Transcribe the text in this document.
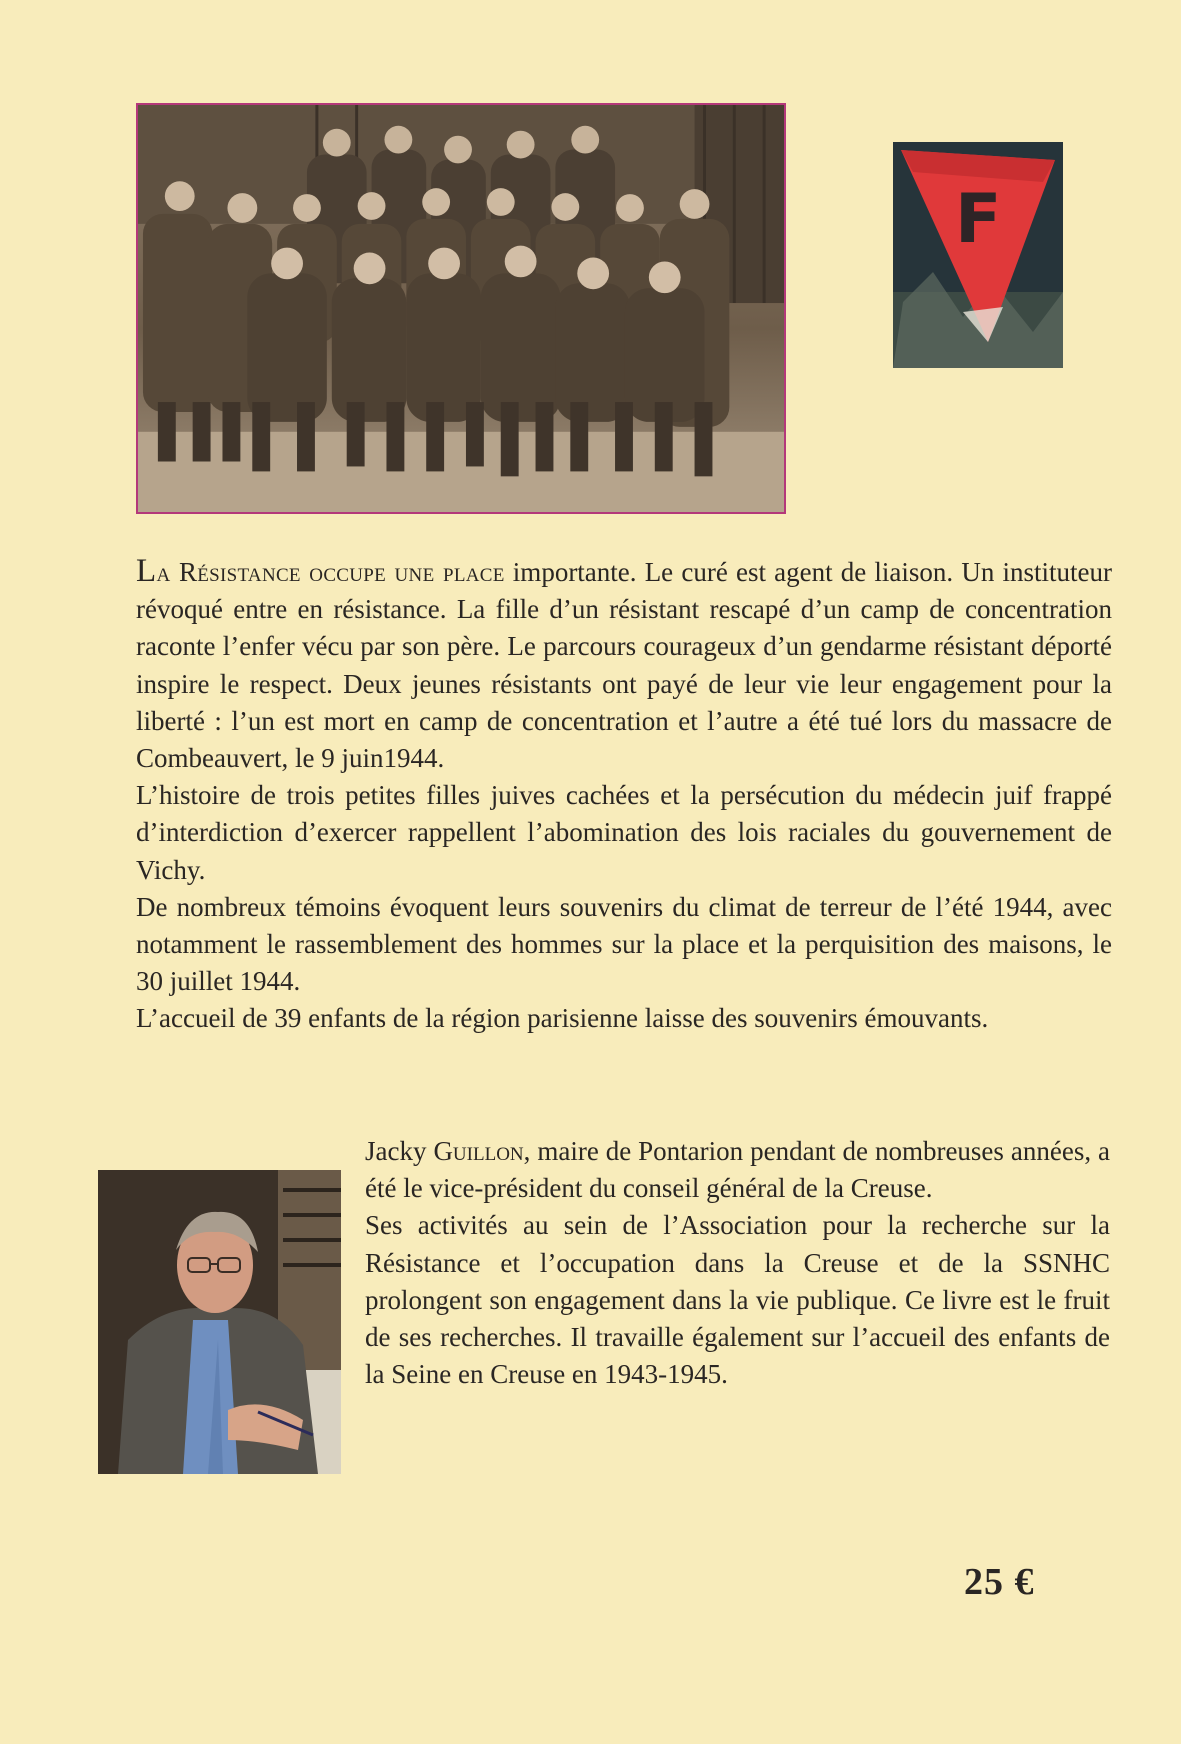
F

La Résistance occupe une place importante. Le curé est agent de liaison. Un instituteur révoqué entre en résistance. La fille d’un résistant rescapé d’un camp de concentration raconte l’enfer vécu par son père. Le parcours courageux d’un gendarme résistant déporté inspire le respect. Deux jeunes résistants ont payé de leur vie leur engagement pour la liberté : l’un est mort en camp de concentration et l’autre a été tué lors du massacre de Combeauvert, le 9 juin1944.

L’histoire de trois petites filles juives cachées et la persécution du médecin juif frappé d’interdiction d’exercer rappellent l’abomination des lois raciales du gouvernement de Vichy.

De nombreux témoins évoquent leurs souvenirs du climat de terreur de l’été 1944, avec notamment le rassemblement des hommes sur la place et la perquisition des maisons, le 30 juillet 1944.

L’accueil de 39 enfants de la région parisienne laisse des souvenirs émouvants.

Jacky Guillon, maire de Pontarion pendant de nombreuses années, a été le vice-président du conseil général de la Creuse.

Ses activités au sein de l’Association pour la recherche sur la Résistance et l’occupation dans la Creuse et de la SSNHC prolongent son engagement dans la vie publique. Ce livre est le fruit de ses recherches. Il travaille également sur l’accueil des enfants de la Seine en Creuse en 1943-1945.

25 €
